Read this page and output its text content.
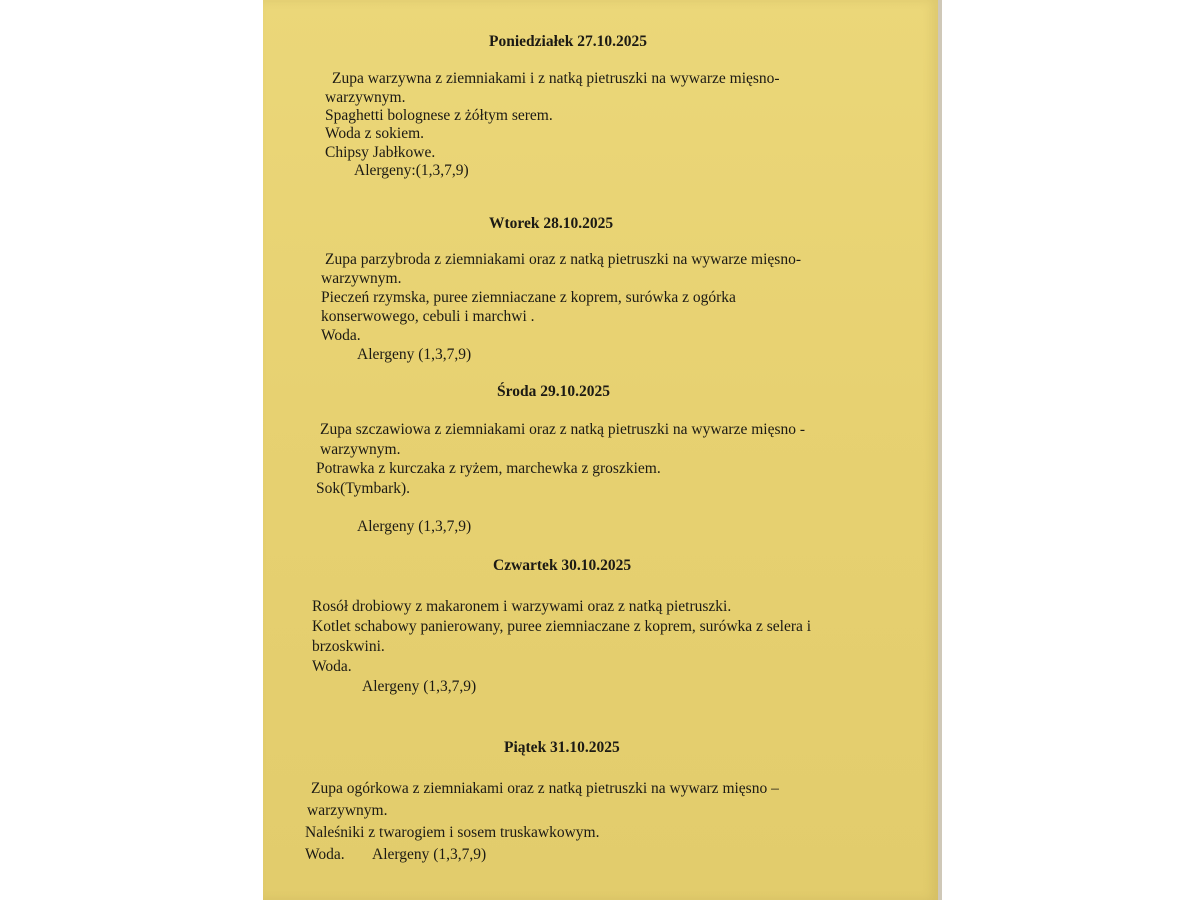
Poniedziałek 27.10.2025
Zupa warzywna z ziemniakami i z natką pietruszki na wywarze mięsno-
warzywnym.
Spaghetti bolognese z żółtym serem.
Woda z sokiem.
Chipsy Jabłkowe.
Alergeny:(1,3,7,9)
Wtorek 28.10.2025
Zupa parzybroda z ziemniakami oraz z natką pietruszki na wywarze mięsno-
warzywnym.
Pieczeń rzymska, puree ziemniaczane z koprem, surówka z ogórka
konserwowego, cebuli i marchwi .
Woda.
Alergeny (1,3,7,9)
Środa 29.10.2025
Zupa szczawiowa z ziemniakami oraz z natką pietruszki na wywarze mięsno -
warzywnym.
Potrawka z kurczaka z ryżem, marchewka z groszkiem.
Sok(Tymbark).
Alergeny (1,3,7,9)
Czwartek 30.10.2025
Rosół drobiowy z makaronem i warzywami oraz z natką pietruszki.
Kotlet schabowy panierowany, puree ziemniaczane z koprem, surówka z selera i
brzoskwini.
Woda.
Alergeny (1,3,7,9)
Piątek 31.10.2025
Zupa ogórkowa z ziemniakami oraz z natką pietruszki na wywarz mięsno –
warzywnym.
Naleśniki z twarogiem i sosem truskawkowym.
Woda. Alergeny (1,3,7,9)
